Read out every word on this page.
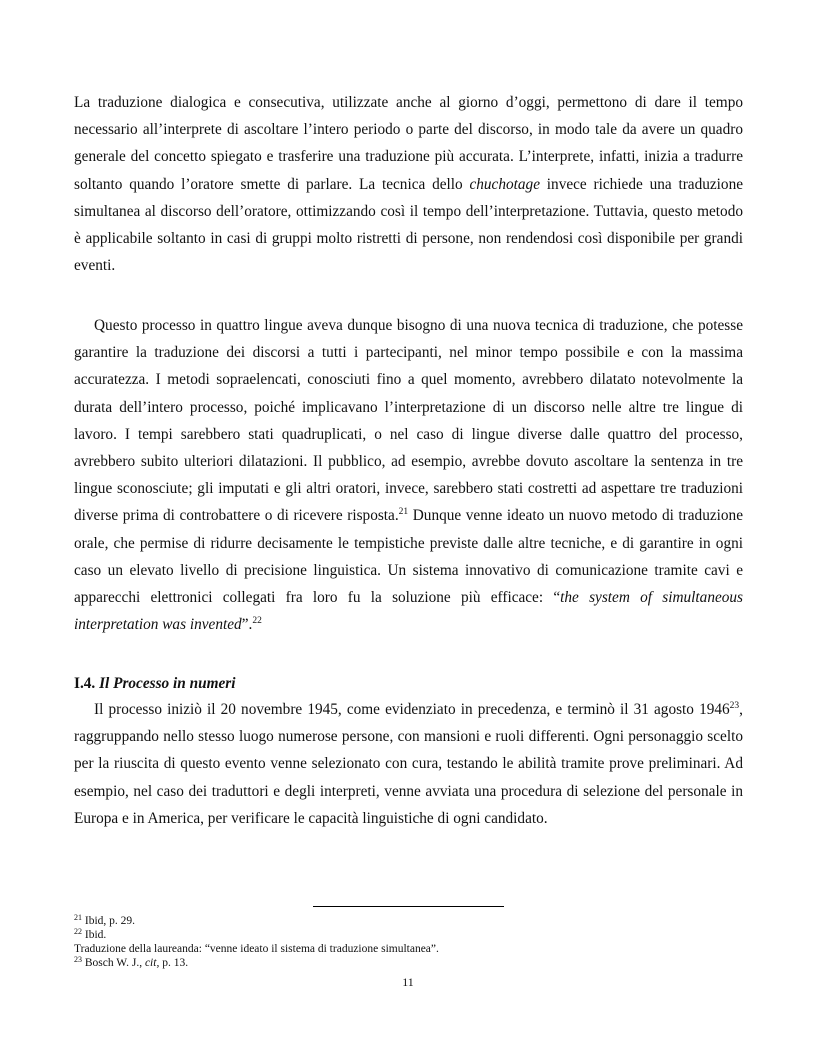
La traduzione dialogica e consecutiva, utilizzate anche al giorno d’oggi, permettono di dare il tempo necessario all’interprete di ascoltare l’intero periodo o parte del discorso, in modo tale da avere un quadro generale del concetto spiegato e trasferire una traduzione più accurata. L’interprete, infatti, inizia a tradurre soltanto quando l’oratore smette di parlare. La tecnica dello chuchotage invece richiede una traduzione simultanea al discorso dell’oratore, ottimizzando così il tempo dell’interpretazione. Tuttavia, questo metodo è applicabile soltanto in casi di gruppi molto ristretti di persone, non rendendosi così disponibile per grandi eventi.

Questo processo in quattro lingue aveva dunque bisogno di una nuova tecnica di traduzione, che potesse garantire la traduzione dei discorsi a tutti i partecipanti, nel minor tempo possibile e con la massima accuratezza. I metodi sopraelencati, conosciuti fino a quel momento, avrebbero dilatato notevolmente la durata dell’intero processo, poiché implicavano l’interpretazione di un discorso nelle altre tre lingue di lavoro. I tempi sarebbero stati quadruplicati, o nel caso di lingue diverse dalle quattro del processo, avrebbero subito ulteriori dilatazioni. Il pubblico, ad esempio, avrebbe dovuto ascoltare la sentenza in tre lingue sconosciute; gli imputati e gli altri oratori, invece, sarebbero stati costretti ad aspettare tre traduzioni diverse prima di controbattere o di ricevere risposta.$^{21}$ Dunque venne ideato un nuovo metodo di traduzione orale, che permise di ridurre decisamente le tempistiche previste dalle altre tecniche, e di garantire in ogni caso un elevato livello di precisione linguistica. Un sistema innovativo di comunicazione tramite cavi e apparecchi elettronici collegati fra loro fu la soluzione più efficace: “the system of simultaneous interpretation was invented”.$^{22}$

I.4. Il Processo in numeri

Il processo iniziò il 20 novembre 1945, come evidenziato in precedenza, e terminò il 31 agosto 1946$^{23}$, raggruppando nello stesso luogo numerose persone, con mansioni e ruoli differenti. Ogni personaggio scelto per la riuscita di questo evento venne selezionato con cura, testando le abilità tramite prove preliminari. Ad esempio, nel caso dei traduttori e degli interpreti, venne avviata una procedura di selezione del personale in Europa e in America, per verificare le capacità linguistiche di ogni candidato.

$^{21}$ Ibid, p. 29.

$^{22}$ Ibid.

Traduzione della laureanda: “venne ideato il sistema di traduzione simultanea”.

$^{23}$ Bosch W. J., cit, p. 13.

11
